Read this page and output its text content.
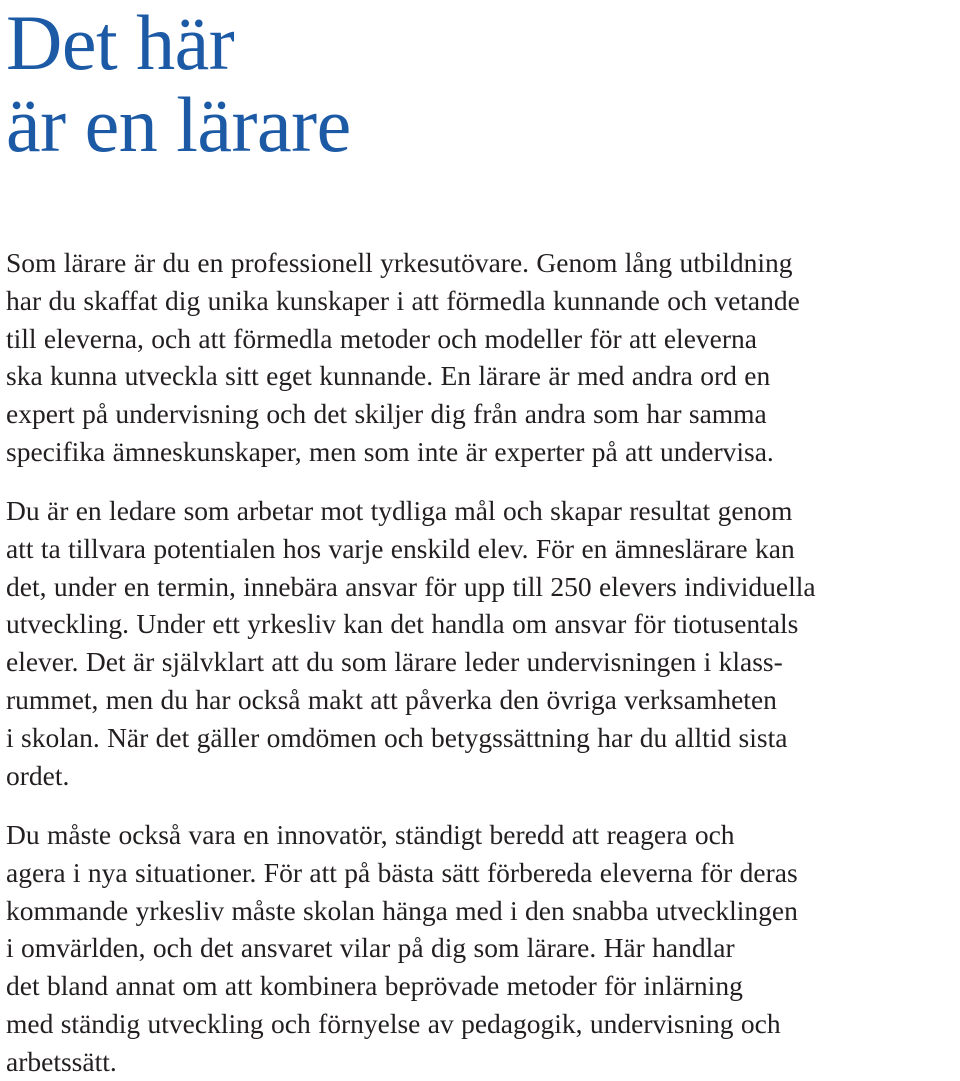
Det här
är en lärare

Som lärare är du en professionell yrkesutövare. Genom lång utbildning
har du skaffat dig unika kunskaper i att förmedla kunnande och vetande
till eleverna, och att förmedla metoder och modeller för att eleverna
ska kunna utveckla sitt eget kunnande. En lärare är med andra ord en
expert på undervisning och det skiljer dig från andra som har samma
specifika ämneskunskaper, men som inte är experter på att undervisa.

Du är en ledare som arbetar mot tydliga mål och skapar resultat genom
att ta tillvara potentialen hos varje enskild elev. För en ämneslärare kan
det, under en termin, innebära ansvar för upp till 250 elevers individuella
utveckling. Under ett yrkesliv kan det handla om ansvar för tiotusentals
elever. Det är självklart att du som lärare leder undervisningen i klass-
rummet, men du har också makt att påverka den övriga verksamheten
i skolan. När det gäller omdömen och betygssättning har du alltid sista
ordet.

Du måste också vara en innovatör, ständigt beredd att reagera och
agera i nya situationer. För att på bästa sätt förbereda eleverna för deras
kommande yrkesliv måste skolan hänga med i den snabba utvecklingen
i omvärlden, och det ansvaret vilar på dig som lärare. Här handlar
det bland annat om att kombinera beprövade metoder för inlärning
med ständig utveckling och förnyelse av pedagogik, undervisning och
arbetssätt.
